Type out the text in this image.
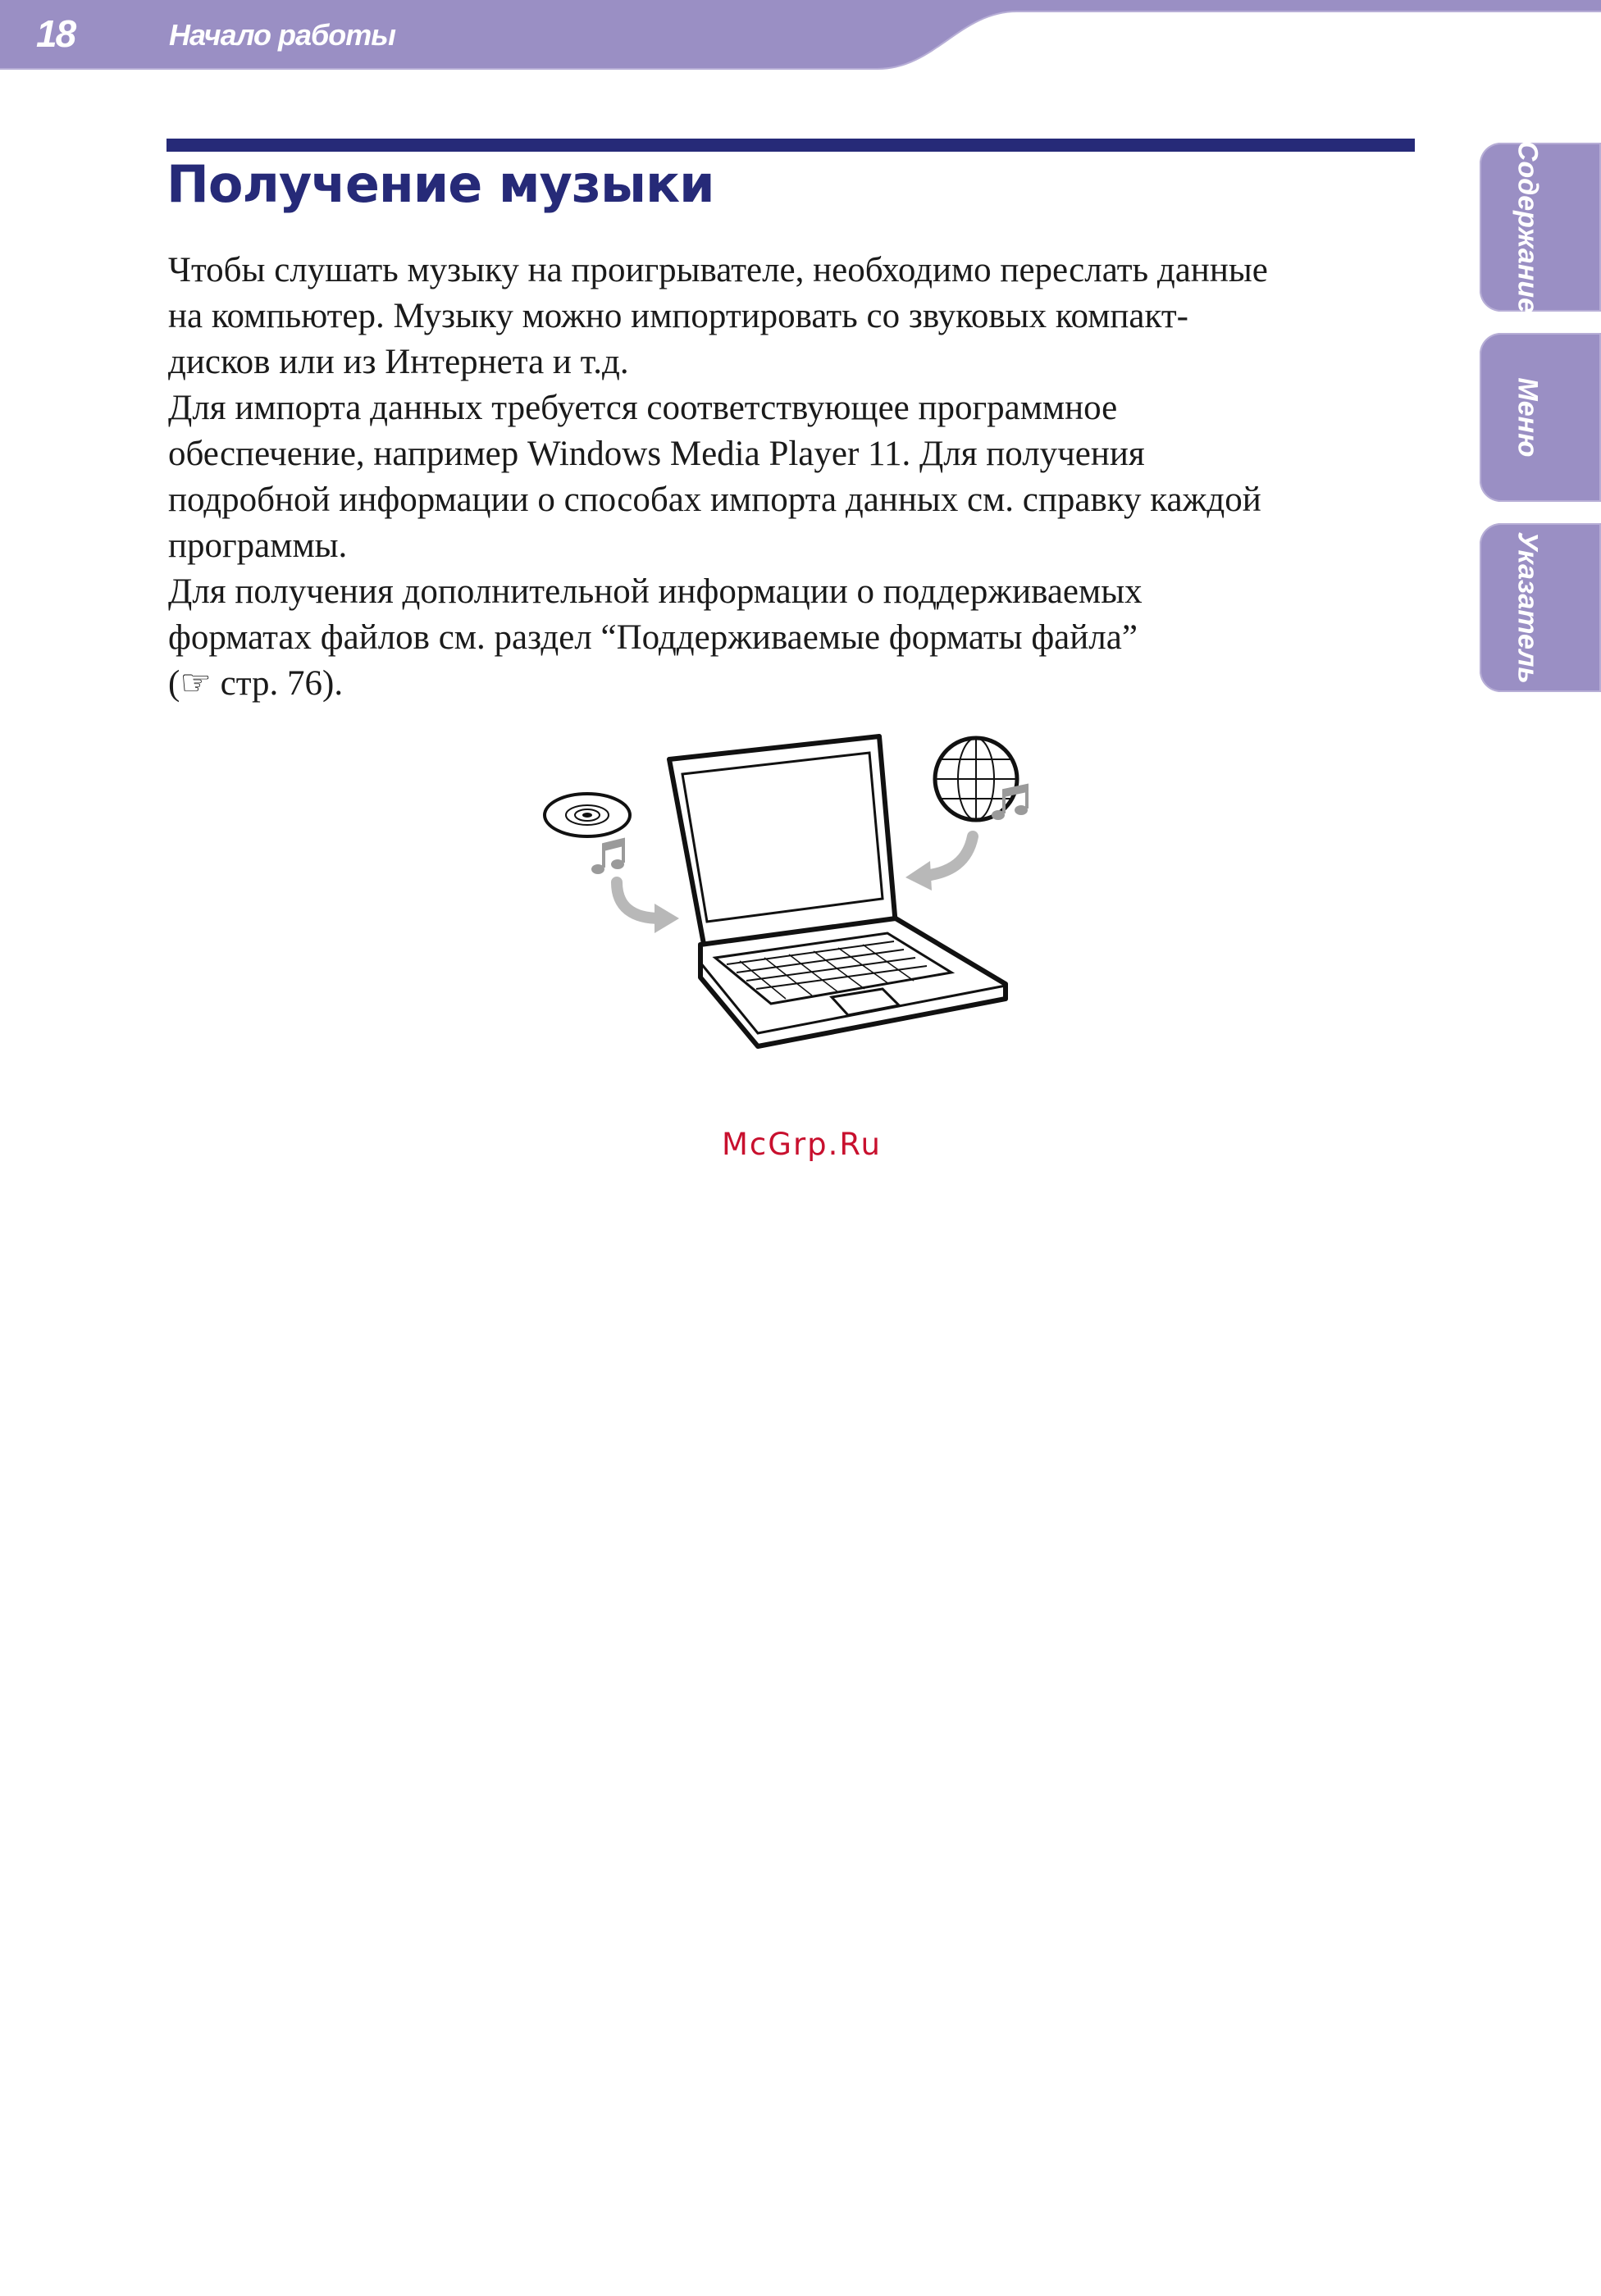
18	Начало работы
Содержание
Меню
Указатель
Получение музыки
Чтобы слушать музыку на проигрывателе, необходимо переслать данные
на компьютер. Музыку можно импортировать со звуковых компакт-
дисков или из Интернета и т.д.
Для импорта данных требуется соответствующее программное
обеспечение, например Windows Media Player 11. Для получения
подробной информации о способах импорта данных см. справку каждой
программы.
Для получения дополнительной информации о поддерживаемых
форматах файлов см. раздел “Поддерживаемые форматы файла”
(☞ стр. 76).
McGrp.Ru
